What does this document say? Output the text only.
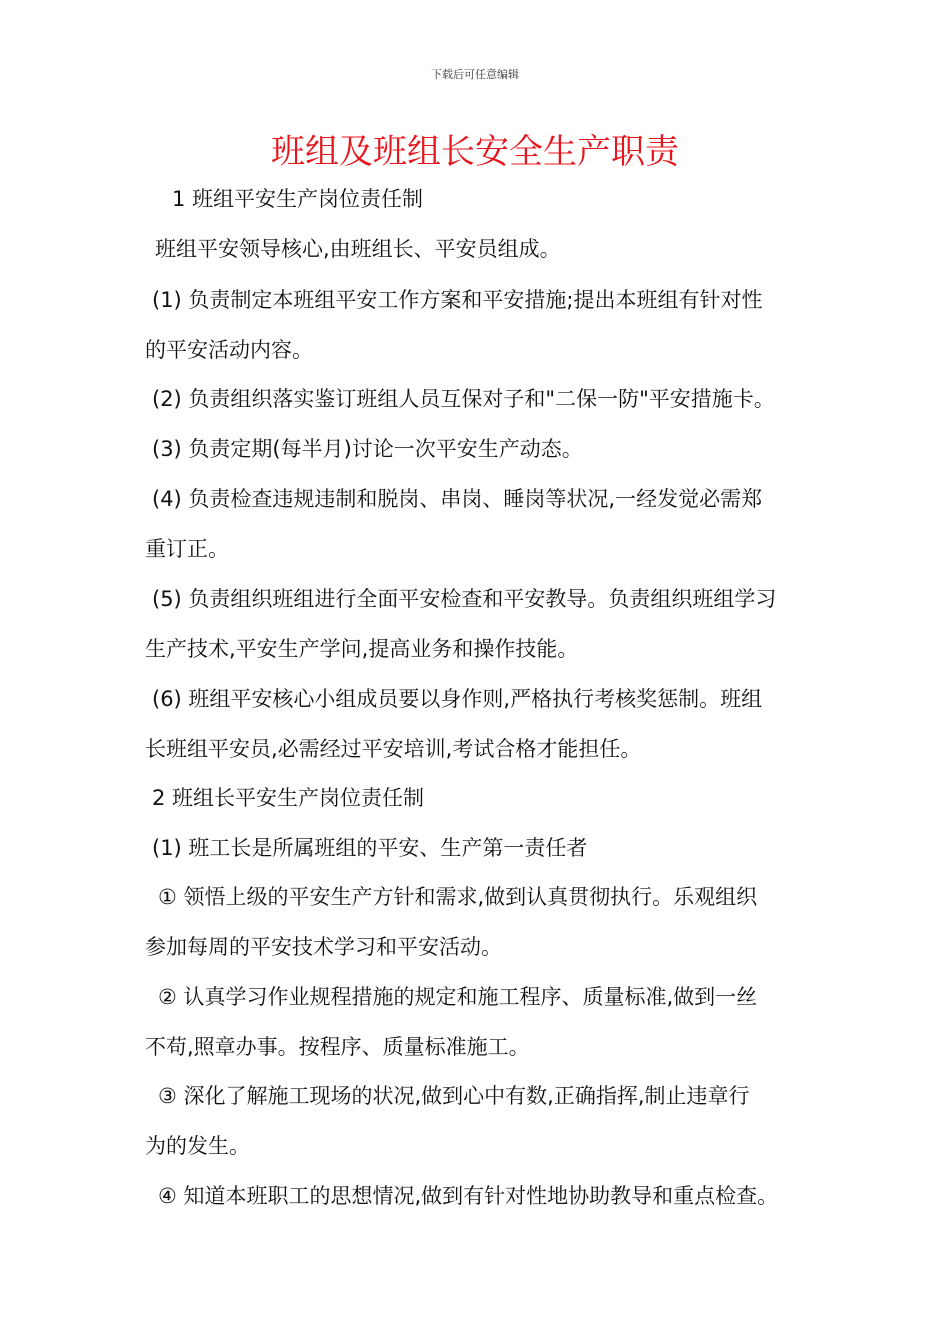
下载后可任意编辑
班组及班组长安全生产职责
1 班组平安生产岗位责任制
班组平安领导核心,由班组长、平安员组成。
(1) 负责制定本班组平安工作方案和平安措施;提出本班组有针对性
的平安活动内容。
(2) 负责组织落实鉴订班组人员互保对子和"二保一防"平安措施卡。
(3) 负责定期(每半月)讨论一次平安生产动态。
(4) 负责检查违规违制和脱岗、串岗、睡岗等状况,一经发觉必需郑
重订正。
(5) 负责组织班组进行全面平安检查和平安教导。负责组织班组学习
生产技术,平安生产学问,提高业务和操作技能。
(6) 班组平安核心小组成员要以身作则,严格执行考核奖惩制。班组
长班组平安员,必需经过平安培训,考试合格才能担任。
2 班组长平安生产岗位责任制
(1) 班工长是所属班组的平安、生产第一责任者
① 领悟上级的平安生产方针和需求,做到认真贯彻执行。乐观组织
参加每周的平安技术学习和平安活动。
② 认真学习作业规程措施的规定和施工程序、质量标准,做到一丝
不苟,照章办事。按程序、质量标准施工。
③ 深化了解施工现场的状况,做到心中有数,正确指挥,制止违章行
为的发生。
④ 知道本班职工的思想情况,做到有针对性地协助教导和重点检查。
